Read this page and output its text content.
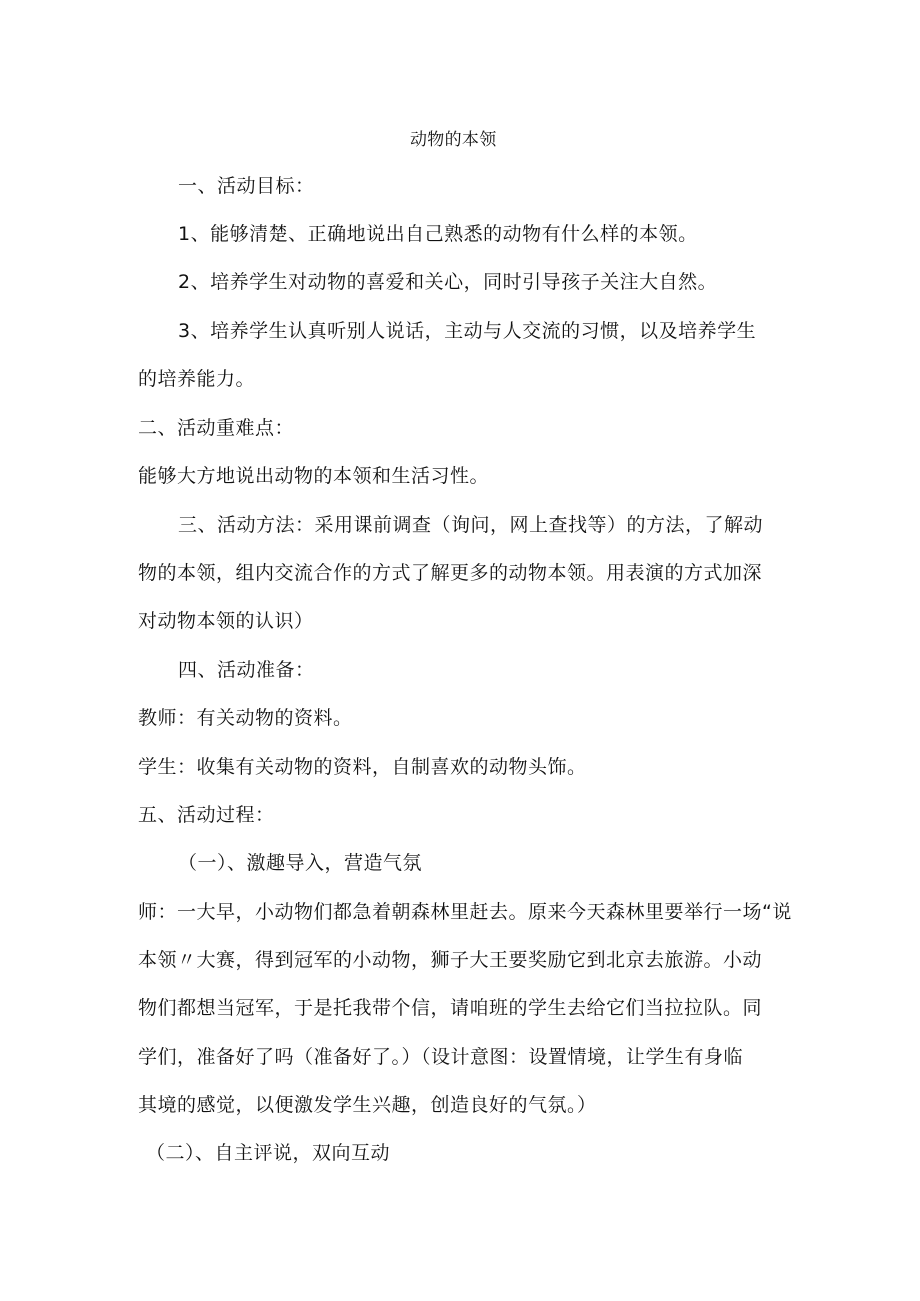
动物的本领
一、活动目标：
1、能够清楚、正确地说出自己熟悉的动物有什么样的本领。
2、培养学生对动物的喜爱和关心，同时引导孩子关注大自然。
3、培养学生认真听别人说话，主动与人交流的习惯，以及培养学生
的培养能力。
二、活动重难点：
能够大方地说出动物的本领和生活习性。
三、活动方法：采用课前调查（询问，网上查找等）的方法，了解动
物的本领，组内交流合作的方式了解更多的动物本领。用表演的方式加深
对动物本领的认识）
四、活动准备：
教师：有关动物的资料。
学生：收集有关动物的资料，自制喜欢的动物头饰。
五、活动过程：
（一）、激趣导入，营造气氛
师：一大早，小动物们都急着朝森林里赶去。原来今天森林里要举行一场“说
本领〃大赛，得到冠军的小动物，狮子大王要奖励它到北京去旅游。小动
物们都想当冠军，于是托我带个信，请咱班的学生去给它们当拉拉队。同
学们，准备好了吗（准备好了。）（设计意图：设置情境，让学生有身临
其境的感觉，以便激发学生兴趣，创造良好的气氛。）
（二）、自主评说，双向互动
